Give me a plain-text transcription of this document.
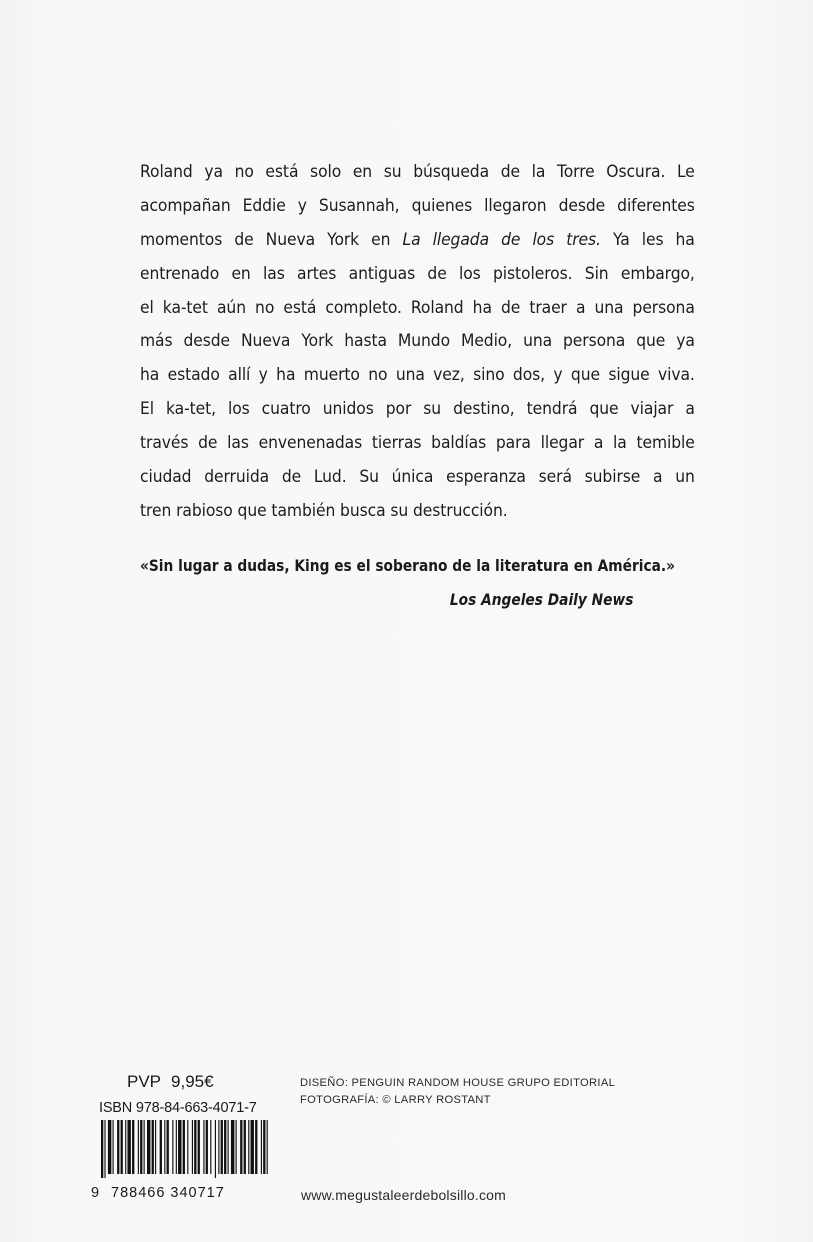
Roland ya no está solo en su búsqueda de la Torre Oscura. Le
acompañan Eddie y Susannah, quienes llegaron desde diferentes
momentos de Nueva York en La llegada de los tres. Ya les ha
entrenado en las artes antiguas de los pistoleros. Sin embargo,
el ka-tet aún no está completo. Roland ha de traer a una persona
más desde Nueva York hasta Mundo Medio, una persona que ya
ha estado allí y ha muerto no una vez, sino dos, y que sigue viva.
El ka-tet, los cuatro unidos por su destino, tendrá que viajar a
través de las envenenadas tierras baldías para llegar a la temible
ciudad derruida de Lud. Su única esperanza será subirse a un
tren rabioso que también busca su destrucción.
«Sin lugar a dudas, King es el soberano de la literatura en América.»
Los Angeles Daily News
PVP 9,95€
ISBN 978-84-663-4071-7
9 788466 340717
DISEÑO: PENGUIN RANDOM HOUSE GRUPO EDITORIAL
FOTOGRAFÍA: © LARRY ROSTANT
www.megustaleerdebolsillo.com
